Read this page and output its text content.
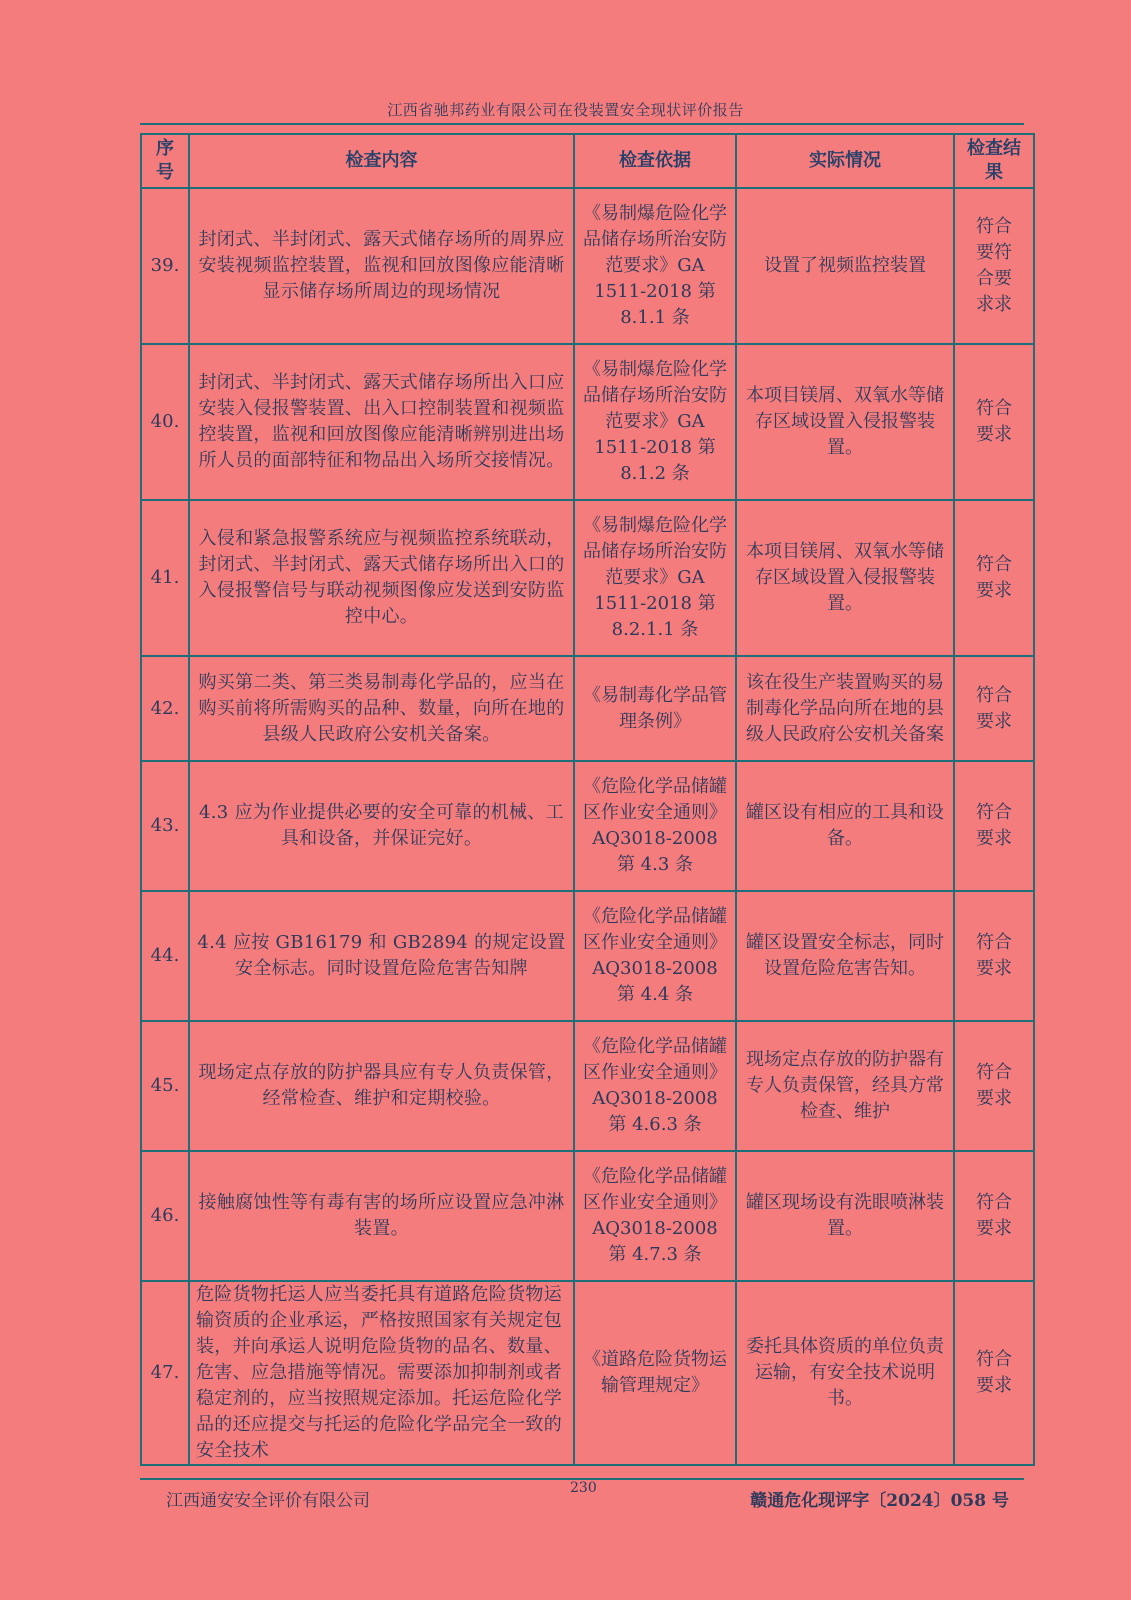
江西省驰邦药业有限公司在役装置安全现状评价报告
序号	检查内容	检查依据	实际情况	检查结果
39.	封闭式、半封闭式、露天式储存场所的周界应安装视频监控装置，监视和回放图像应能清晰显示储存场所周边的现场情况	《易制爆危险化学品储存场所治安防范要求》GA 1511-2018 第 8.1.1 条	设置了视频监控装置	符合要符合要求求
40.	封闭式、半封闭式、露天式储存场所出入口应安装入侵报警装置、出入口控制装置和视频监控装置，监视和回放图像应能清晰辨别进出场所人员的面部特征和物品出入场所交接情况。	《易制爆危险化学品储存场所治安防范要求》GA 1511-2018 第 8.1.2 条	本项目镁屑、双氧水等储存区域设置入侵报警装置。	符合要求
41.	入侵和紧急报警系统应与视频监控系统联动，封闭式、半封闭式、露天式储存场所出入口的入侵报警信号与联动视频图像应发送到安防监控中心。	《易制爆危险化学品储存场所治安防范要求》GA 1511-2018 第 8.2.1.1 条	本项目镁屑、双氧水等储存区域设置入侵报警装置。	符合要求
42.	购买第二类、第三类易制毒化学品的，应当在购买前将所需购买的品种、数量，向所在地的县级人民政府公安机关备案。	《易制毒化学品管理条例》	该在役生产装置购买的易制毒化学品向所在地的县级人民政府公安机关备案	符合要求
43.	4.3 应为作业提供必要的安全可靠的机械、工具和设备，并保证完好。	《危险化学品储罐区作业安全通则》AQ3018-2008 第 4.3 条	罐区设有相应的工具和设备。	符合要求
44.	4.4 应按 GB16179 和 GB2894 的规定设置安全标志。同时设置危险危害告知牌	《危险化学品储罐区作业安全通则》AQ3018-2008 第 4.4 条	罐区设置安全标志，同时设置危险危害告知。	符合要求
45.	现场定点存放的防护器具应有专人负责保管，经常检查、维护和定期校验。	《危险化学品储罐区作业安全通则》AQ3018-2008 第 4.6.3 条	现场定点存放的防护器有专人负责保管，经具方常检查、维护	符合要求
46.	接触腐蚀性等有毒有害的场所应设置应急冲淋装置。	《危险化学品储罐区作业安全通则》AQ3018-2008 第 4.7.3 条	罐区现场设有洗眼喷淋装置。	符合要求
47.	危险货物托运人应当委托具有道路危险货物运输资质的企业承运，严格按照国家有关规定包装，并向承运人说明危险货物的品名、数量、危害、应急措施等情况。需要添加抑制剂或者稳定剂的，应当按照规定添加。托运危险化学品的还应提交与托运的危险化学品完全一致的安全技术	《道路危险货物运输管理规定》	委托具体资质的单位负责运输，有安全技术说明书。	符合要求
江西通安安全评价有限公司
230
赣通危化现评字〔2024〕058 号
